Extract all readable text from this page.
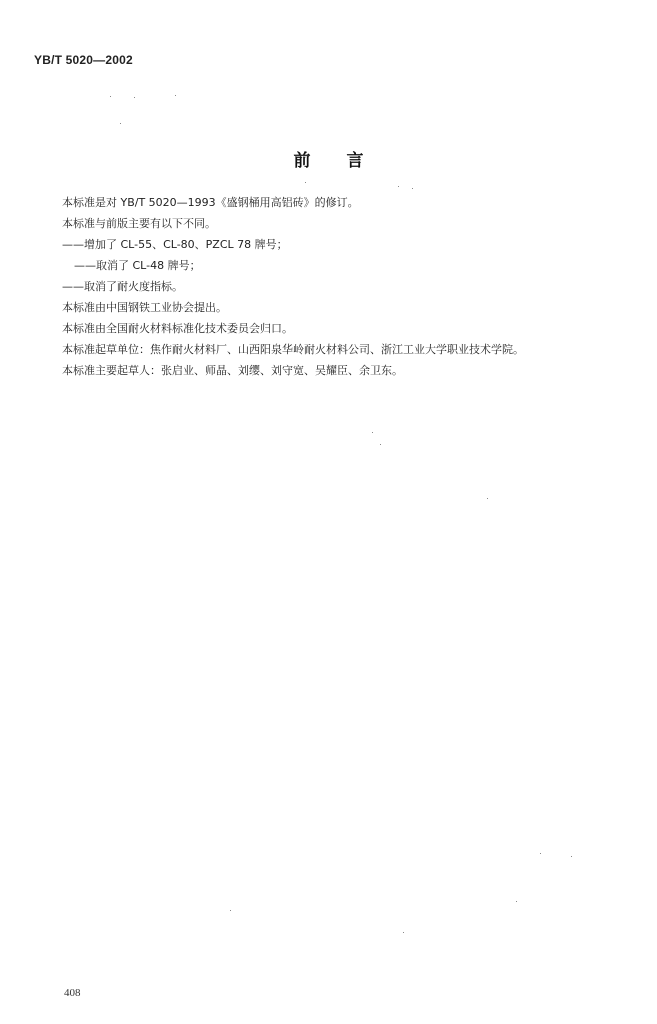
YB/T 5020—2002
前言
本标准是对 YB/T 5020—1993《盛钢桶用高铝砖》的修订。
本标准与前版主要有以下不同。
——增加了 CL-55、CL-80、PZCL 78 牌号；
——取消了 CL-48 牌号；
——取消了耐火度指标。
本标准由中国钢铁工业协会提出。
本标准由全国耐火材料标准化技术委员会归口。
本标准起草单位：焦作耐火材料厂、山西阳泉华岭耐火材料公司、浙江工业大学职业技术学院。
本标准主要起草人：张启业、师晶、刘缨、刘守宽、吴耀臣、余卫东。
408
